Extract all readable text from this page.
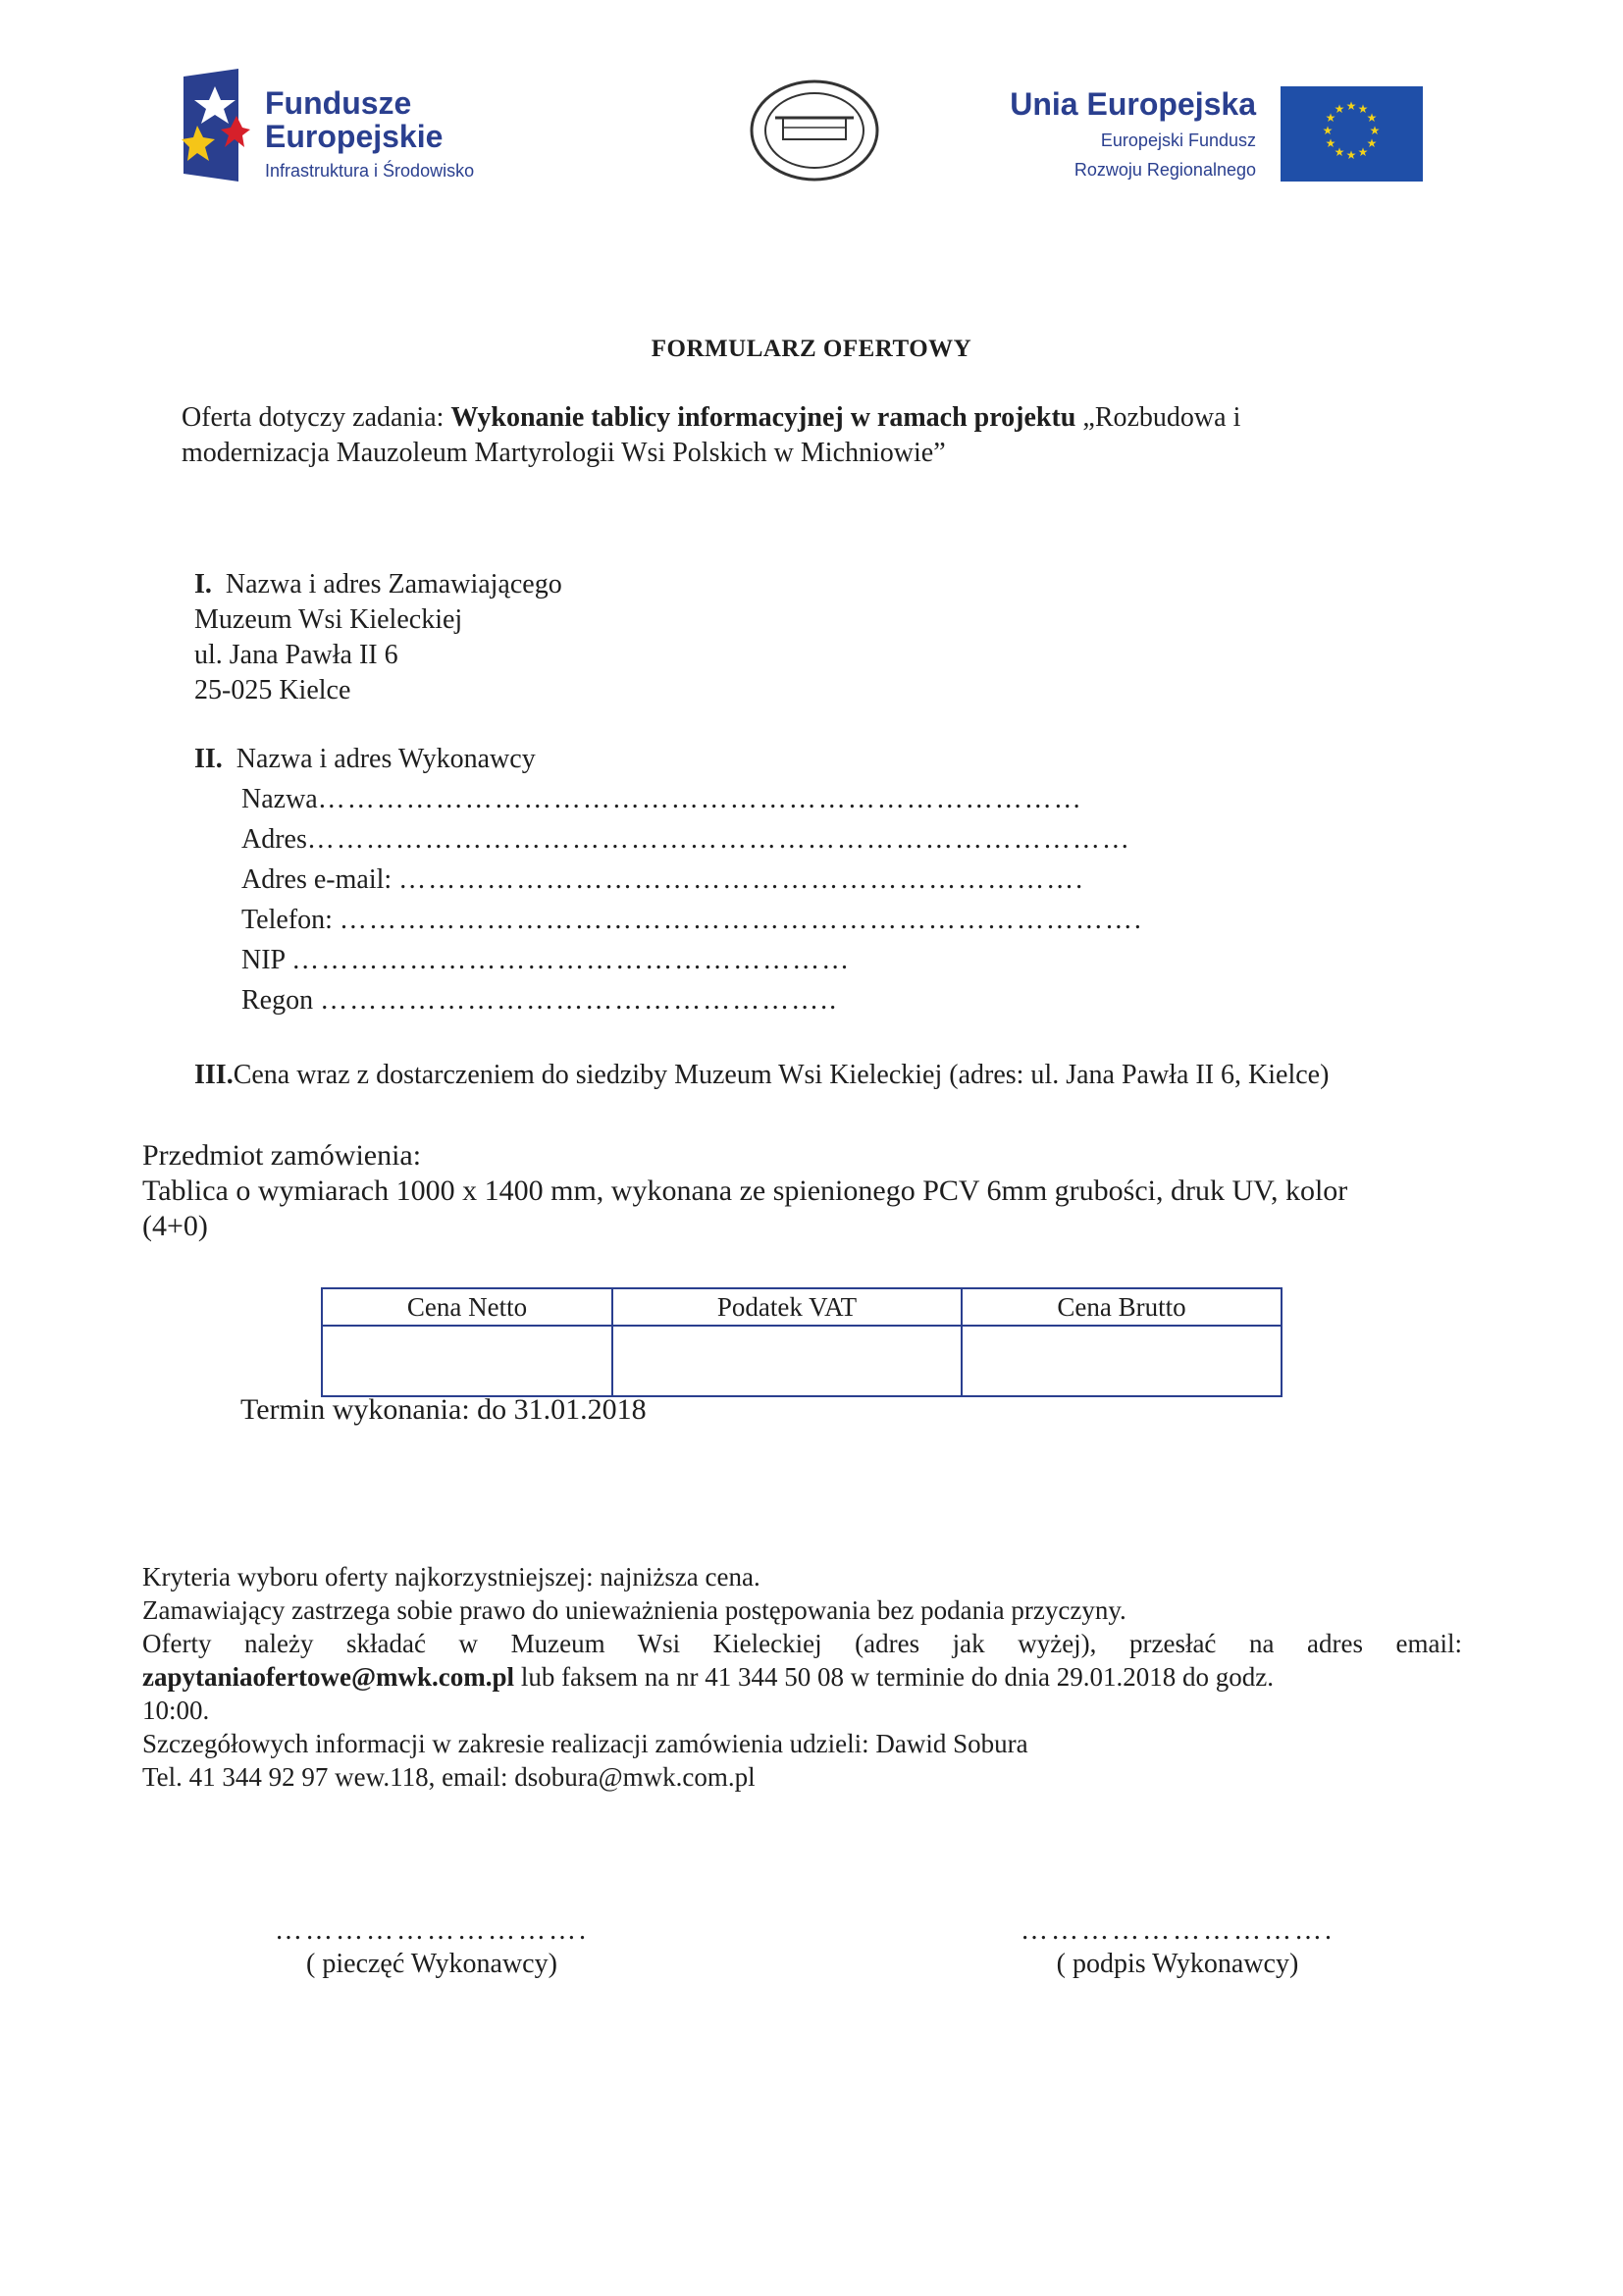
Fundusze
Europejskie
Infrastruktura i Środowisko
Unia Europejska
Europejski Fundusz
Rozwoju Regionalnego
★ ★
★
★
★
★
★
★
★
★
★
★
FORMULARZ OFERTOWY
Oferta dotyczy zadania: Wykonanie tablicy informacyjnej w ramach projektu „Rozbudowa i
modernizacja Mauzoleum Martyrologii Wsi Polskich w Michniowie”
I. Nazwa i adres Zamawiającego
Muzeum Wsi Kieleckiej
ul. Jana Pawła II 6
25-025 Kielce
II. Nazwa i adres Wykonawcy
Nazwa……………………………………………………………………
Adres…………………………………………………………………………
Adres e-mail: …………………………………………………………….
Telefon: ……………………………………………………………………….
NIP …………………………………………………
Regon ……………………………………………..
III.Cena wraz z dostarczeniem do siedziby Muzeum Wsi Kieleckiej (adres: ul. Jana Pawła II 6, Kielce)
Przedmiot zamówienia:
Tablica o wymiarach 1000 x 1400 mm, wykonana ze spienionego PCV 6mm grubości, druk UV, kolor
(4+0)
Cena Netto	Podatek VAT	Cena Brutto

Termin wykonania: do 31.01.2018
Kryteria wyboru oferty najkorzystniejszej: najniższa cena.
Zamawiający zastrzega sobie prawo do unieważnienia postępowania bez podania przyczyny.
Oferty należy składać w Muzeum Wsi Kieleckiej (adres jak wyżej), przesłać na adres email:
zapytaniaofertowe@mwk.com.pl lub faksem na nr 41 344 50 08 w terminie do dnia 29.01.2018 do godz.
10:00.
Szczegółowych informacji w zakresie realizacji zamówienia udzieli: Dawid Sobura
Tel. 41 344 92 97 wew.118, email: dsobura@mwk.com.pl
………………………….
( pieczęć Wykonawcy)
………………………….
( podpis Wykonawcy)
